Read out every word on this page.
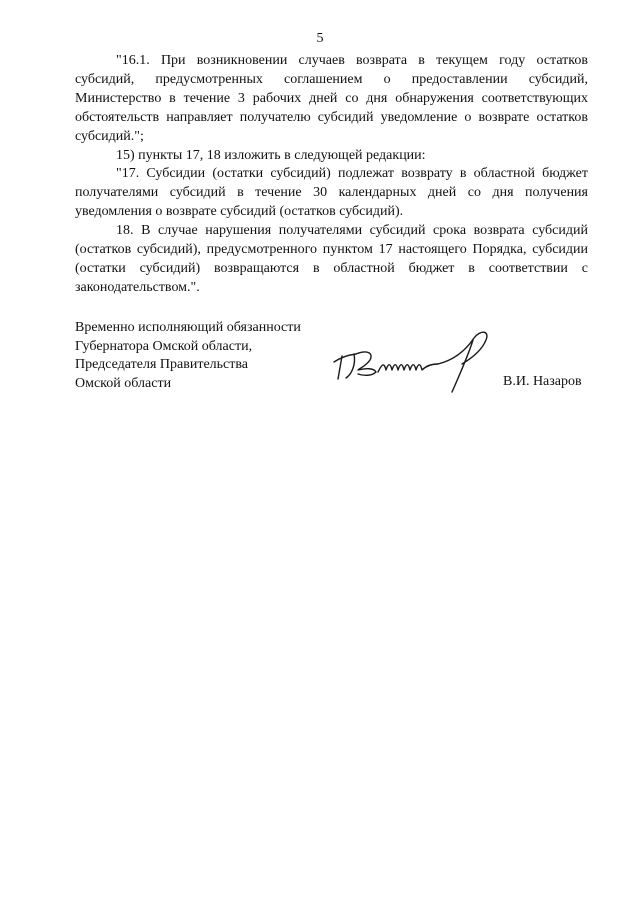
5

"16.1. При возникновении случаев возврата в текущем году остатков субсидий, предусмотренных соглашением о предоставлении субсидий, Министерство в течение 3 рабочих дней со дня обнаружения соответствующих обстоятельств направляет получателю субсидий уведомление о возврате остатков субсидий.";

15) пункты 17, 18 изложить в следующей редакции:

"17. Субсидии (остатки субсидий) подлежат возврату в областной бюджет получателями субсидий в течение 30 календарных дней со дня получения уведомления о возврате субсидий (остатков субсидий).

18. В случае нарушения получателями субсидий срока возврата субсидий (остатков субсидий), предусмотренного пунктом 17 настоящего Порядка, субсидии (остатки субсидий) возвращаются в областной бюджет в соответствии с законодательством.".

Временно исполняющий обязанности
Губернатора Омской области,
Председателя Правительства
Омской области	В.И. Назаров
